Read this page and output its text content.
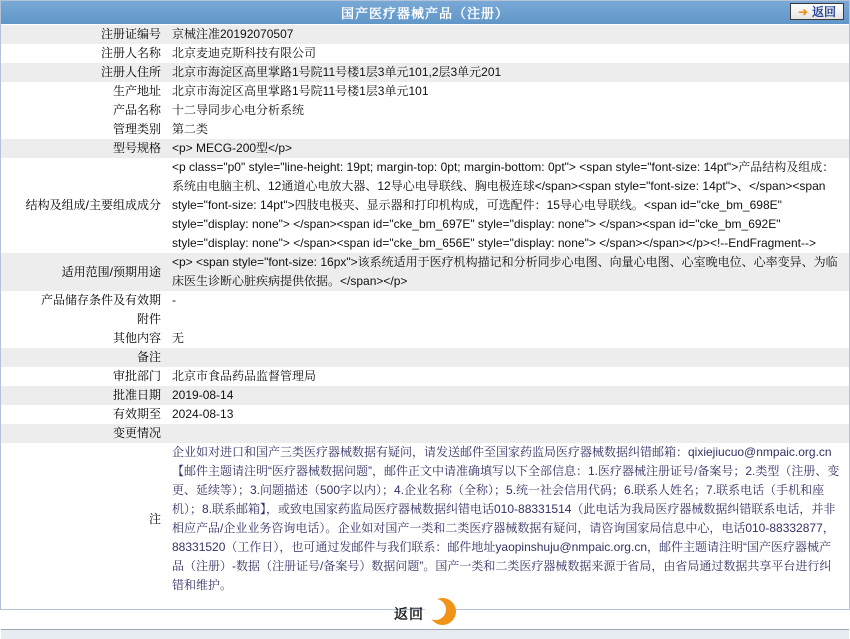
国产医疗器械产品（注册）	➔ 返回
注册证编号 京械注准20192070507
注册人名称 北京麦迪克斯科技有限公司
注册人住所 北京市海淀区高里掌路1号院11号楼1层3单元101,2层3单元201
生产地址 北京市海淀区高里掌路1号院11号楼1层3单元101
产品名称 十二导同步心电分析系统
管理类别 第二类
型号规格 <p> MECG-200型</p>
结构及组成/主要组成成分
<p class="p0" style="line-height: 19pt; margin-top: 0pt; margin-bottom: 0pt"> <span style="font-size: 14pt">产品结构及组成：系统由电脑主机、12通道心电放大器、12导心电导联线、胸电极连球</span><span style="font-size: 14pt">、</span><span style="font-size: 14pt">四肢电极夹、显示器和打印机构成，可选配件：15导心电导联线。<span id="cke_bm_698E" style="display: none"> </span><span id="cke_bm_697E" style="display: none"> </span><span id="cke_bm_692E" style="display: none"> </span><span id="cke_bm_656E" style="display: none"> </span></span></p><!--EndFragment-->
适用范围/预期用途
<p> <span style="font-size: 16px">该系统适用于医疗机构描记和分析同步心电图、向量心电图、心室晚电位、心率变异、为临床医生诊断心脏疾病提供依据。</span></p>
产品储存条件及有效期 -
附件
其他内容 无
备注
审批部门 北京市食品药品监督管理局
批准日期 2019-08-14
有效期至 2024-08-13
变更情况
注
企业如对进口和国产三类医疗器械数据有疑问，请发送邮件至国家药监局医疗器械数据纠错邮箱：qixiejiucuo@nmpaic.org.cn【邮件主题请注明“医疗器械数据问题”，邮件正文中请准确填写以下全部信息：1.医疗器械注册证号/备案号；2.类型（注册、变更、延续等）；3.问题描述（500字以内）；4.企业名称（全称）；5.统一社会信用代码；6.联系人姓名；7.联系电话（手机和座机）；8.联系邮箱】，或致电国家药监局医疗器械数据纠错电话010-88331514（此电话为我局医疗器械数据纠错联系电话，并非相应产品/企业业务咨询电话）。企业如对国产一类和二类医疗器械数据有疑问，请咨询国家局信息中心，电话010-88332877，88331520（工作日），也可通过发邮件与我们联系：邮件地址yaopinshuju@nmpaic.org.cn，邮件主题请注明“国产医疗器械产品（注册）-数据（注册证号/备案号）数据问题”。国产一类和二类医疗器械数据来源于省局，由省局通过数据共享平台进行纠错和维护。
返回
